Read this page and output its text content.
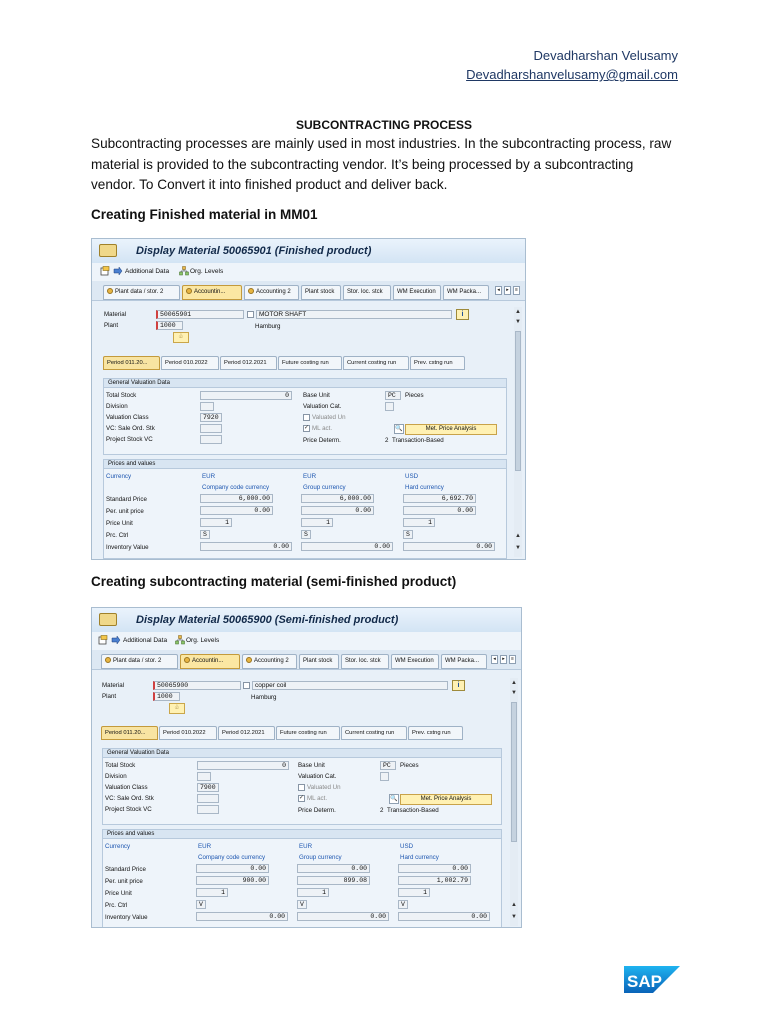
Devadharshan Velusamy
Devadharshanvelusamy@gmail.com
SUBCONTRACTING PROCESS
Subcontracting processes are mainly used in most industries. In the subcontracting process, raw material is provided to the subcontracting vendor. It’s being processed by a subcontracting vendor. To Convert it into finished product and deliver back.
Creating Finished material in MM01
Creating subcontracting material (semi-finished product)
Display Material 50065901 (Finished product)
Additional Data	Org. Levels
Plant data / stor. 2	Accountin...	Accounting 2	Plant stock	Stor. loc. stck	WM Execution	WM Packa...	◂	▸	≡
Material	50065901	MOTOR SHAFT	i
Plant	1000	Hamburg
♧
Period 011.20...	Period 010.2022	Period 012.2021	Future costing run	Current costing run	Prev. cstng run
General Valuation Data
Total Stock	0
Division
Valuation Class	7920
VC: Sale Ord. Stk
Project Stock VC
Base Unit	PC	Pieces
Valuation Cat.
Valuated Un
✓ ML act.	🔍	Met. Price Analysis
Price Determ.	2 Transaction-Based
Prices and values
Currency	EUR	EUR	USD
Company code currency	Group currency	Hard currency
Standard Price	6,000.00	6,000.00	6,692.70
Per. unit price	0.00	0.00	0.00
Price Unit	1	1	1
Prc. Ctrl	S	S	S
Inventory Value	0.00	0.00	0.00
▲
▼
▲
▼
Display Material 50065900 (Semi-finished product)
Additional Data	Org. Levels
Plant data / stor. 2	Accountin...	Accounting 2	Plant stock	Stor. loc. stck	WM Execution	WM Packa...	◂	▸	≡
Material	50065900	copper coil	i
Plant	1000	Hamburg
♧
Period 011.20...	Period 010.2022	Period 012.2021	Future costing run	Current costing run	Prev. cstng run
General Valuation Data
Total Stock	0
Division
Valuation Class	7900
VC: Sale Ord. Stk
Project Stock VC
Base Unit	PC	Pieces
Valuation Cat.
Valuated Un
✓ ML act.	🔍	Met. Price Analysis
Price Determ.	2 Transaction-Based
Prices and values
Currency	EUR	EUR	USD
Company code currency	Group currency	Hard currency
Standard Price	0.00	0.00	0.00
Per. unit price	900.00	899.08	1,002.79
Price Unit	1	1	1
Prc. Ctrl	V	V	V
Inventory Value	0.00	0.00	0.00
▲
▼
▲
▼
SAP
